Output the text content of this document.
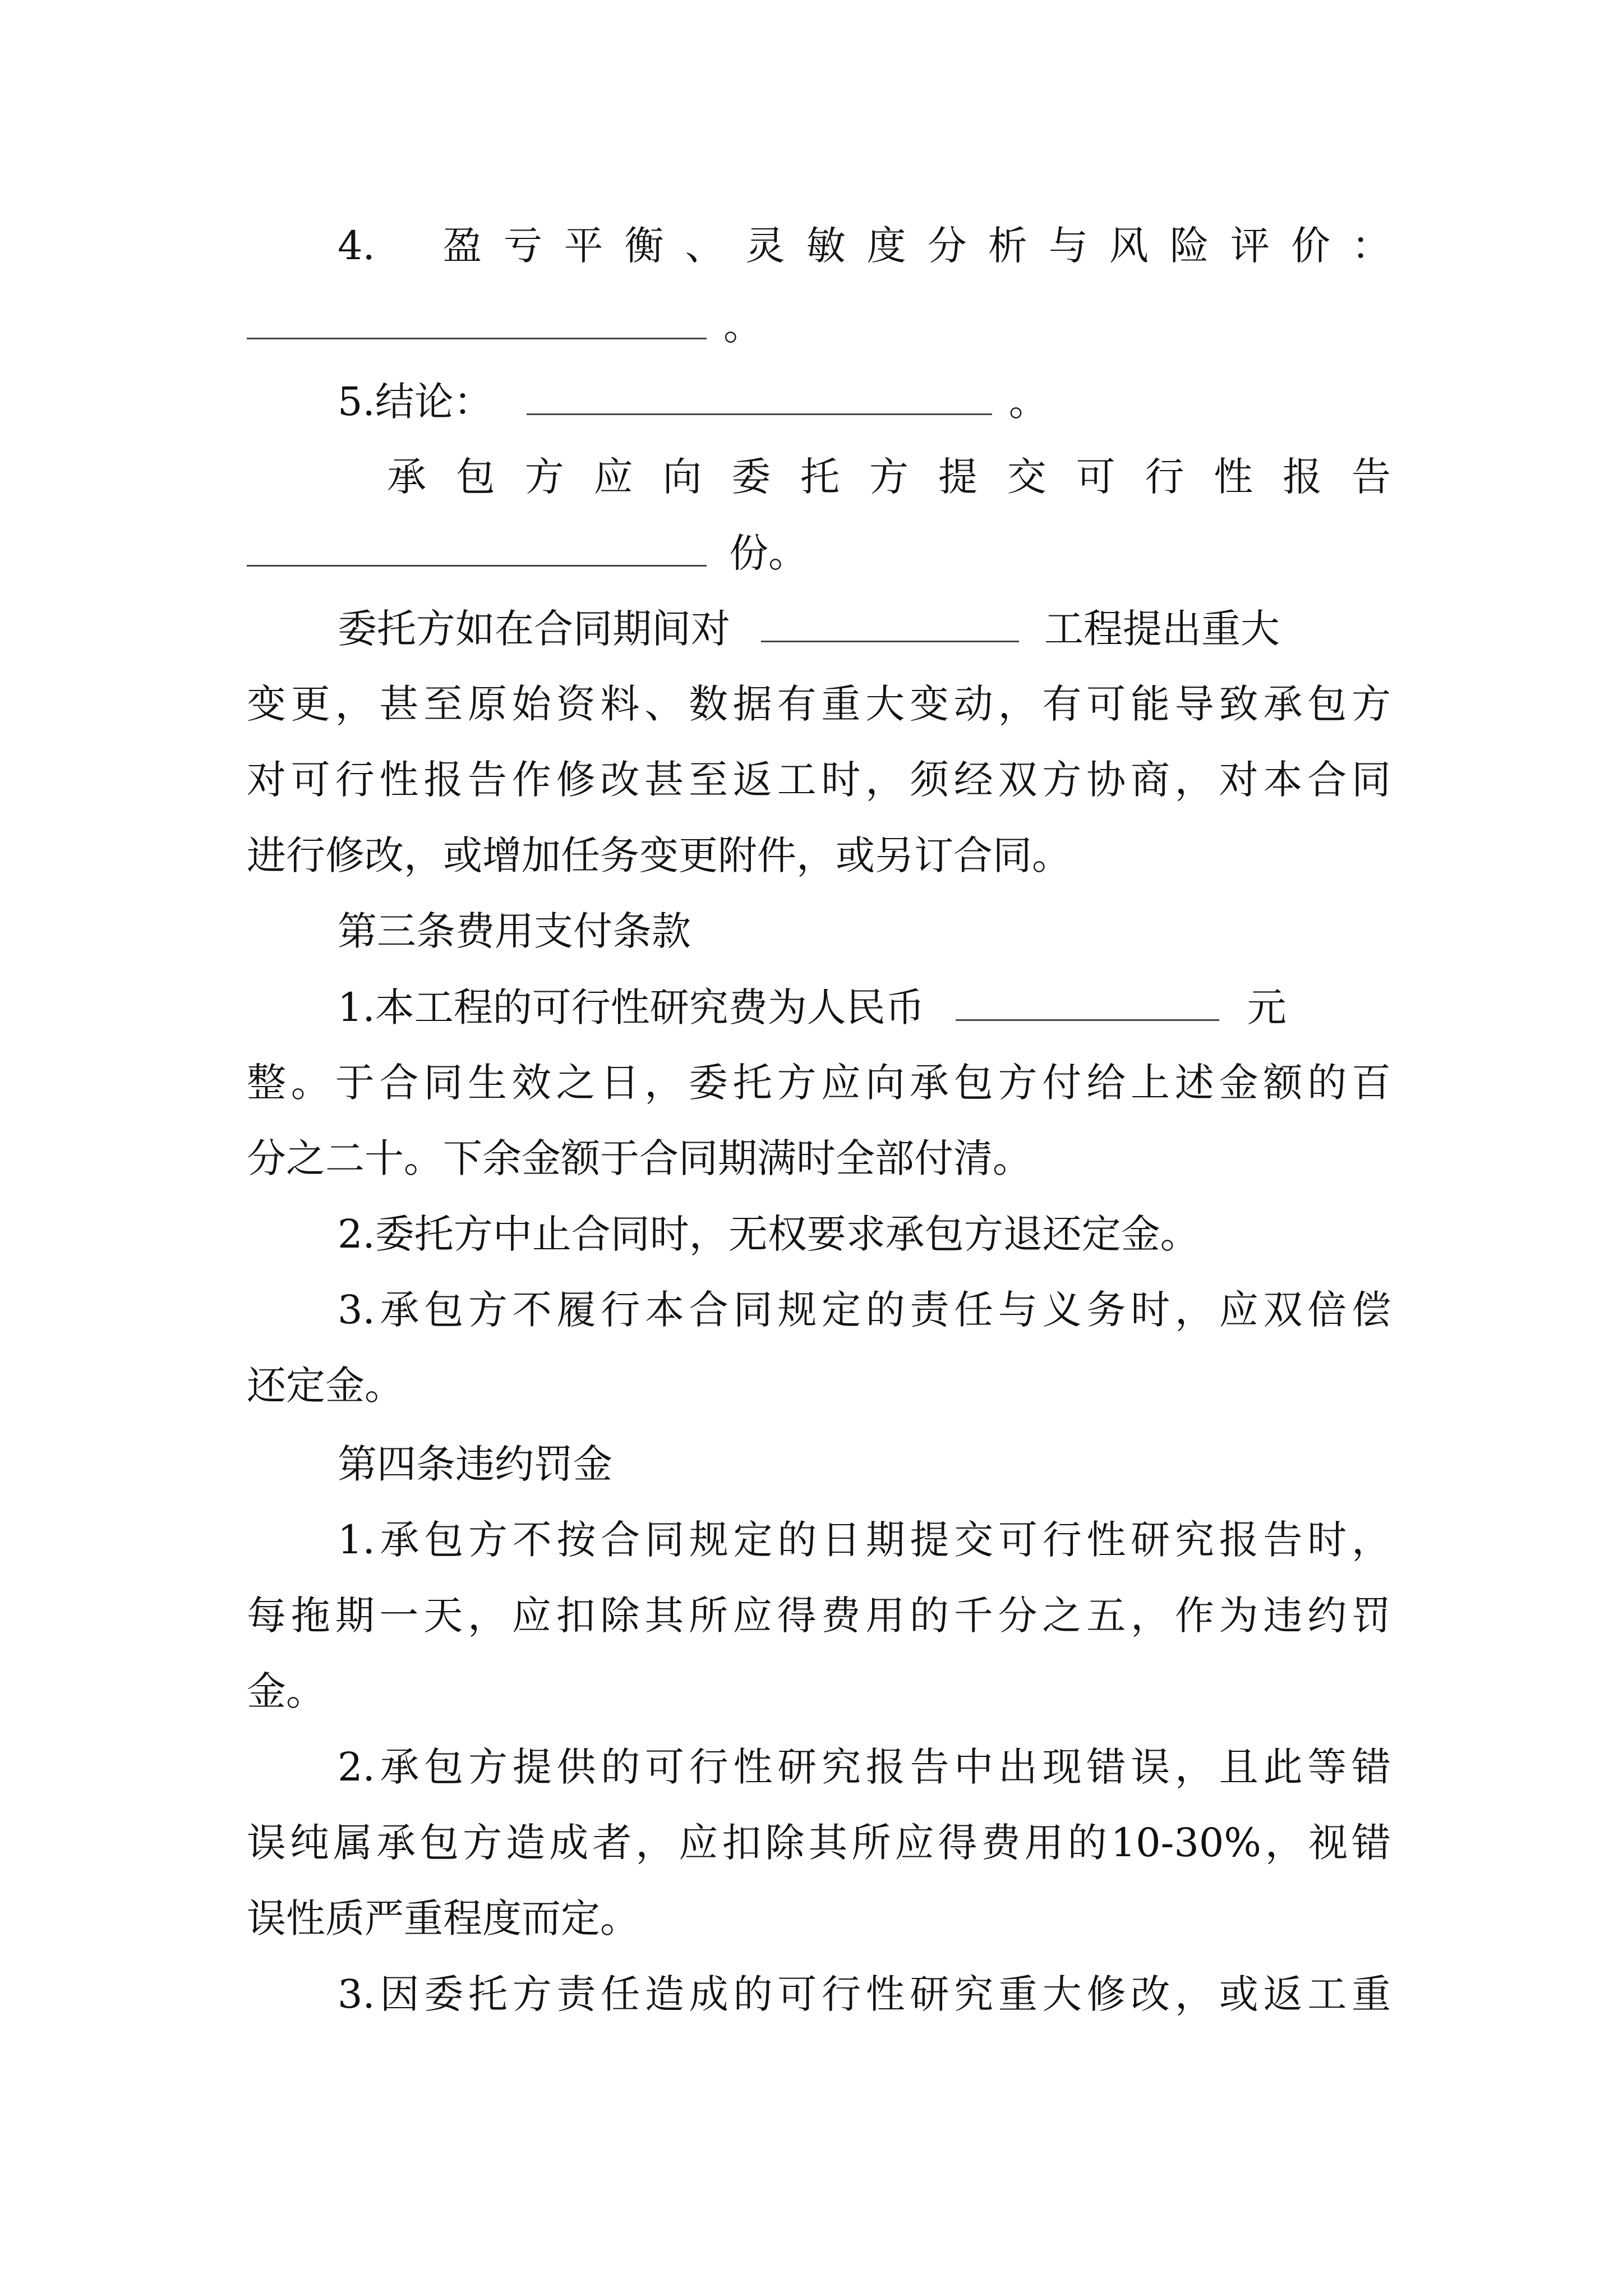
4.  盈亏平衡、灵敏度分析与风险评价：
。
5.结论：	。
承包方应向委托方提交可行性报告
份。
委托方如在合同期间对	工程提出重大
变更，甚至原始资料、数据有重大变动，有可能导致承包方
对可行性报告作修改甚至返工时，须经双方协商，对本合同
进行修改，或增加任务变更附件，或另订合同。
第三条费用支付条款
1.本工程的可行性研究费为人民币	元
整。于合同生效之日，委托方应向承包方付给上述金额的百
分之二十。下余金额于合同期满时全部付清。
2.委托方中止合同时，无权要求承包方退还定金。
3.承包方不履行本合同规定的责任与义务时，应双倍偿
还定金。
第四条违约罚金
1.承包方不按合同规定的日期提交可行性研究报告时，
每拖期一天，应扣除其所应得费用的千分之五，作为违约罚
金。
2.承包方提供的可行性研究报告中出现错误，且此等错
误纯属承包方造成者，应扣除其所应得费用的10-30%，视错
误性质严重程度而定。
3.因委托方责任造成的可行性研究重大修改，或返工重
